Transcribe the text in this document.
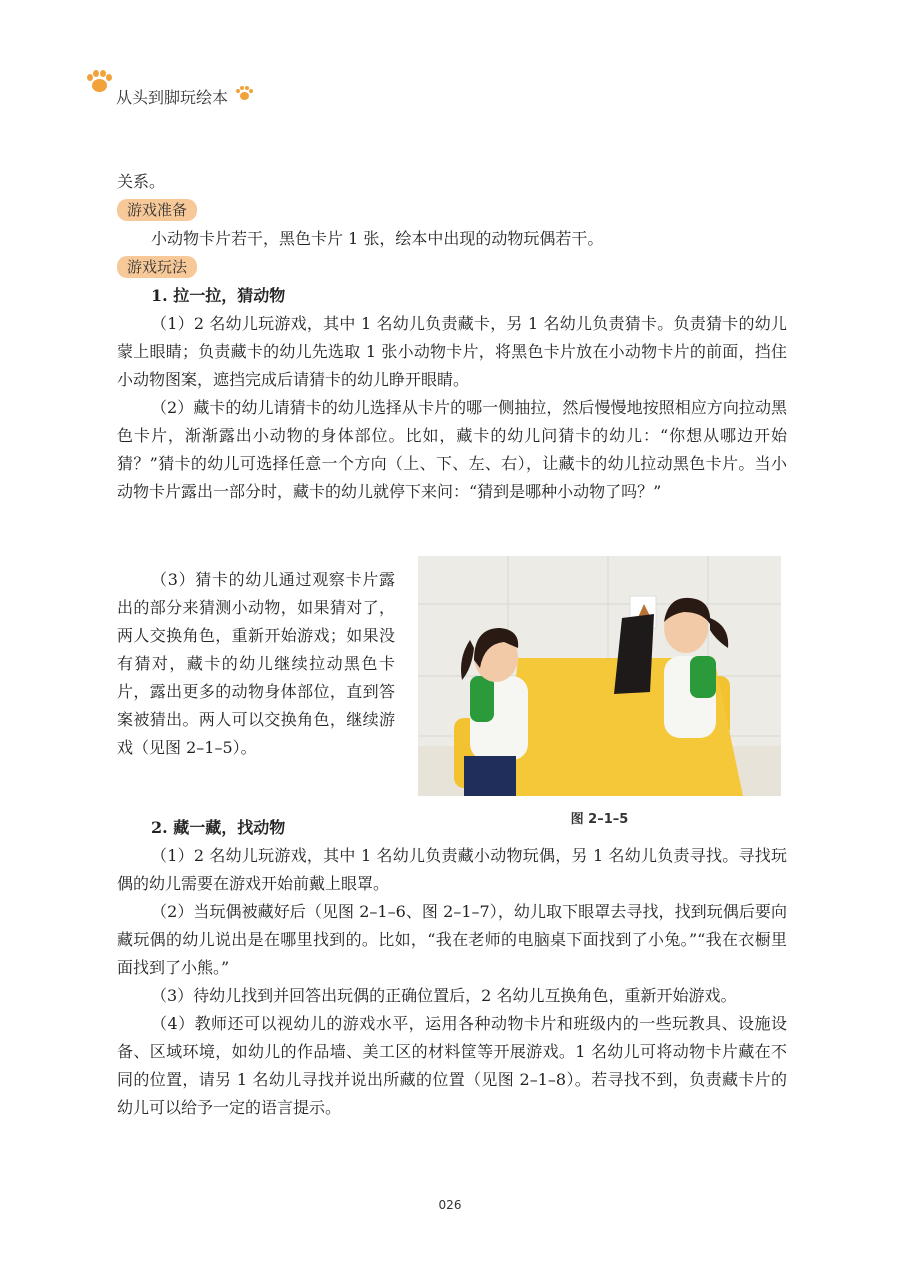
从头到脚玩绘本

关系。

游戏准备

小动物卡片若干，黑色卡片 1 张，绘本中出现的动物玩偶若干。

游戏玩法

1. 拉一拉，猜动物

（1）2 名幼儿玩游戏，其中 1 名幼儿负责藏卡，另 1 名幼儿负责猜卡。负责猜卡的幼儿蒙上眼睛；负责藏卡的幼儿先选取 1 张小动物卡片，将黑色卡片放在小动物卡片的前面，挡住小动物图案，遮挡完成后请猜卡的幼儿睁开眼睛。

（2）藏卡的幼儿请猜卡的幼儿选择从卡片的哪一侧抽拉，然后慢慢地按照相应方向拉动黑色卡片，渐渐露出小动物的身体部位。比如，藏卡的幼儿问猜卡的幼儿：“你想从哪边开始猜？”猜卡的幼儿可选择任意一个方向（上、下、左、右），让藏卡的幼儿拉动黑色卡片。当小动物卡片露出一部分时，藏卡的幼儿就停下来问：“猜到是哪种小动物了吗？”

（3）猜卡的幼儿通过观察卡片露出的部分来猜测小动物，如果猜对了，两人交换角色，重新开始游戏；如果没有猜对，藏卡的幼儿继续拉动黑色卡片，露出更多的动物身体部位，直到答案被猜出。两人可以交换角色，继续游戏（见图 2–1–5）。

图 2–1–5

2. 藏一藏，找动物

（1）2 名幼儿玩游戏，其中 1 名幼儿负责藏小动物玩偶，另 1 名幼儿负责寻找。寻找玩偶的幼儿需要在游戏开始前戴上眼罩。

（2）当玩偶被藏好后（见图 2–1–6、图 2–1–7），幼儿取下眼罩去寻找，找到玩偶后要向藏玩偶的幼儿说出是在哪里找到的。比如，“我在老师的电脑桌下面找到了小兔。”“我在衣橱里面找到了小熊。”

（3）待幼儿找到并回答出玩偶的正确位置后，2 名幼儿互换角色，重新开始游戏。

（4）教师还可以视幼儿的游戏水平，运用各种动物卡片和班级内的一些玩教具、设施设备、区域环境，如幼儿的作品墙、美工区的材料筐等开展游戏。1 名幼儿可将动物卡片藏在不同的位置，请另 1 名幼儿寻找并说出所藏的位置（见图 2–1–8）。若寻找不到，负责藏卡片的幼儿可以给予一定的语言提示。

026
